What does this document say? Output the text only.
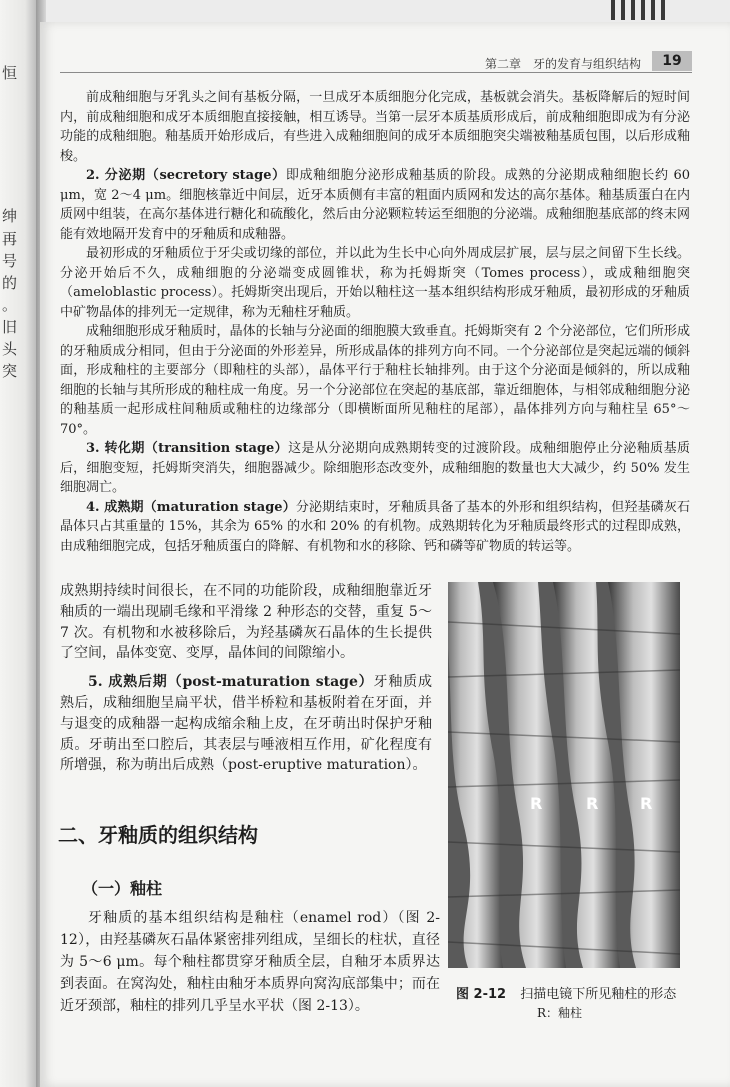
恒
绅
再
号
的
。
旧
头
突
第二章　牙的发育与组织结构	19

前成釉细胞与牙乳头之间有基板分隔，一旦成牙本质细胞分化完成，基板就会消失。基板降解后的短时间内，前成釉细胞和成牙本质细胞直接接触，相互诱导。当第一层牙本质基质形成后，前成釉细胞即成为有分泌功能的成釉细胞。釉基质开始形成后，有些进入成釉细胞间的成牙本质细胞突尖端被釉基质包围，以后形成釉梭。

2. 分泌期（secretory stage）即成釉细胞分泌形成釉基质的阶段。成熟的分泌期成釉细胞长约 60 μm，宽 2～4 μm。细胞核靠近中间层，近牙本质侧有丰富的粗面内质网和发达的高尔基体。釉基质蛋白在内质网中组装，在高尔基体进行糖化和硫酸化，然后由分泌颗粒转运至细胞的分泌端。成釉细胞基底部的终末网能有效地隔开发育中的牙釉质和成釉器。

最初形成的牙釉质位于牙尖或切缘的部位，并以此为生长中心向外周成层扩展，层与层之间留下生长线。分泌开始后不久，成釉细胞的分泌端变成圆锥状，称为托姆斯突（Tomes process），或成釉细胞突（ameloblastic process）。托姆斯突出现后，开始以釉柱这一基本组织结构形成牙釉质，最初形成的牙釉质中矿物晶体的排列无一定规律，称为无釉柱牙釉质。

成釉细胞形成牙釉质时，晶体的长轴与分泌面的细胞膜大致垂直。托姆斯突有 2 个分泌部位，它们所形成的牙釉质成分相同，但由于分泌面的外形差异，所形成晶体的排列方向不同。一个分泌部位是突起远端的倾斜面，形成釉柱的主要部分（即釉柱的头部），晶体平行于釉柱长轴排列。由于这个分泌面是倾斜的，所以成釉细胞的长轴与其所形成的釉柱成一角度。另一个分泌部位在突起的基底部，靠近细胞体，与相邻成釉细胞分泌的釉基质一起形成柱间釉质或釉柱的边缘部分（即横断面所见釉柱的尾部），晶体排列方向与釉柱呈 65°～70°。

3. 转化期（transition stage）这是从分泌期向成熟期转变的过渡阶段。成釉细胞停止分泌釉质基质后，细胞变短，托姆斯突消失，细胞器减少。除细胞形态改变外，成釉细胞的数量也大大减少，约 50% 发生细胞凋亡。

4. 成熟期（maturation stage）分泌期结束时，牙釉质具备了基本的外形和组织结构，但羟基磷灰石晶体只占其重量的 15%，其余为 65% 的水和 20% 的有机物。成熟期转化为牙釉质最终形式的过程即成熟，由成釉细胞完成，包括牙釉质蛋白的降解、有机物和水的移除、钙和磷等矿物质的转运等。

成熟期持续时间很长，在不同的功能阶段，成釉细胞靠近牙釉质的一端出现刷毛缘和平滑缘 2 种形态的交替，重复 5～7 次。有机物和水被移除后，为羟基磷灰石晶体的生长提供了空间，晶体变宽、变厚，晶体间的间隙缩小。

5. 成熟后期（post-maturation stage）牙釉质成熟后，成釉细胞呈扁平状，借半桥粒和基板附着在牙面，并与退变的成釉器一起构成缩余釉上皮，在牙萌出时保护牙釉质。牙萌出至口腔后，其表层与唾液相互作用，矿化程度有所增强，称为萌出后成熟（post-eruptive maturation）。

二、牙釉质的组织结构
（一）釉柱

牙釉质的基本组织结构是釉柱（enamel rod）（图 2-12），由羟基磷灰石晶体紧密排列组成，呈细长的柱状，直径为 5～6 μm。每个釉柱都贯穿牙釉质全层，自釉牙本质界达到表面。在窝沟处，釉柱由釉牙本质界向窝沟底部集中；而在近牙颈部，釉柱的排列几乎呈水平状（图 2-13）。

R	R	R
图 2-12 扫描电镜下所见釉柱的形态
R：釉柱
